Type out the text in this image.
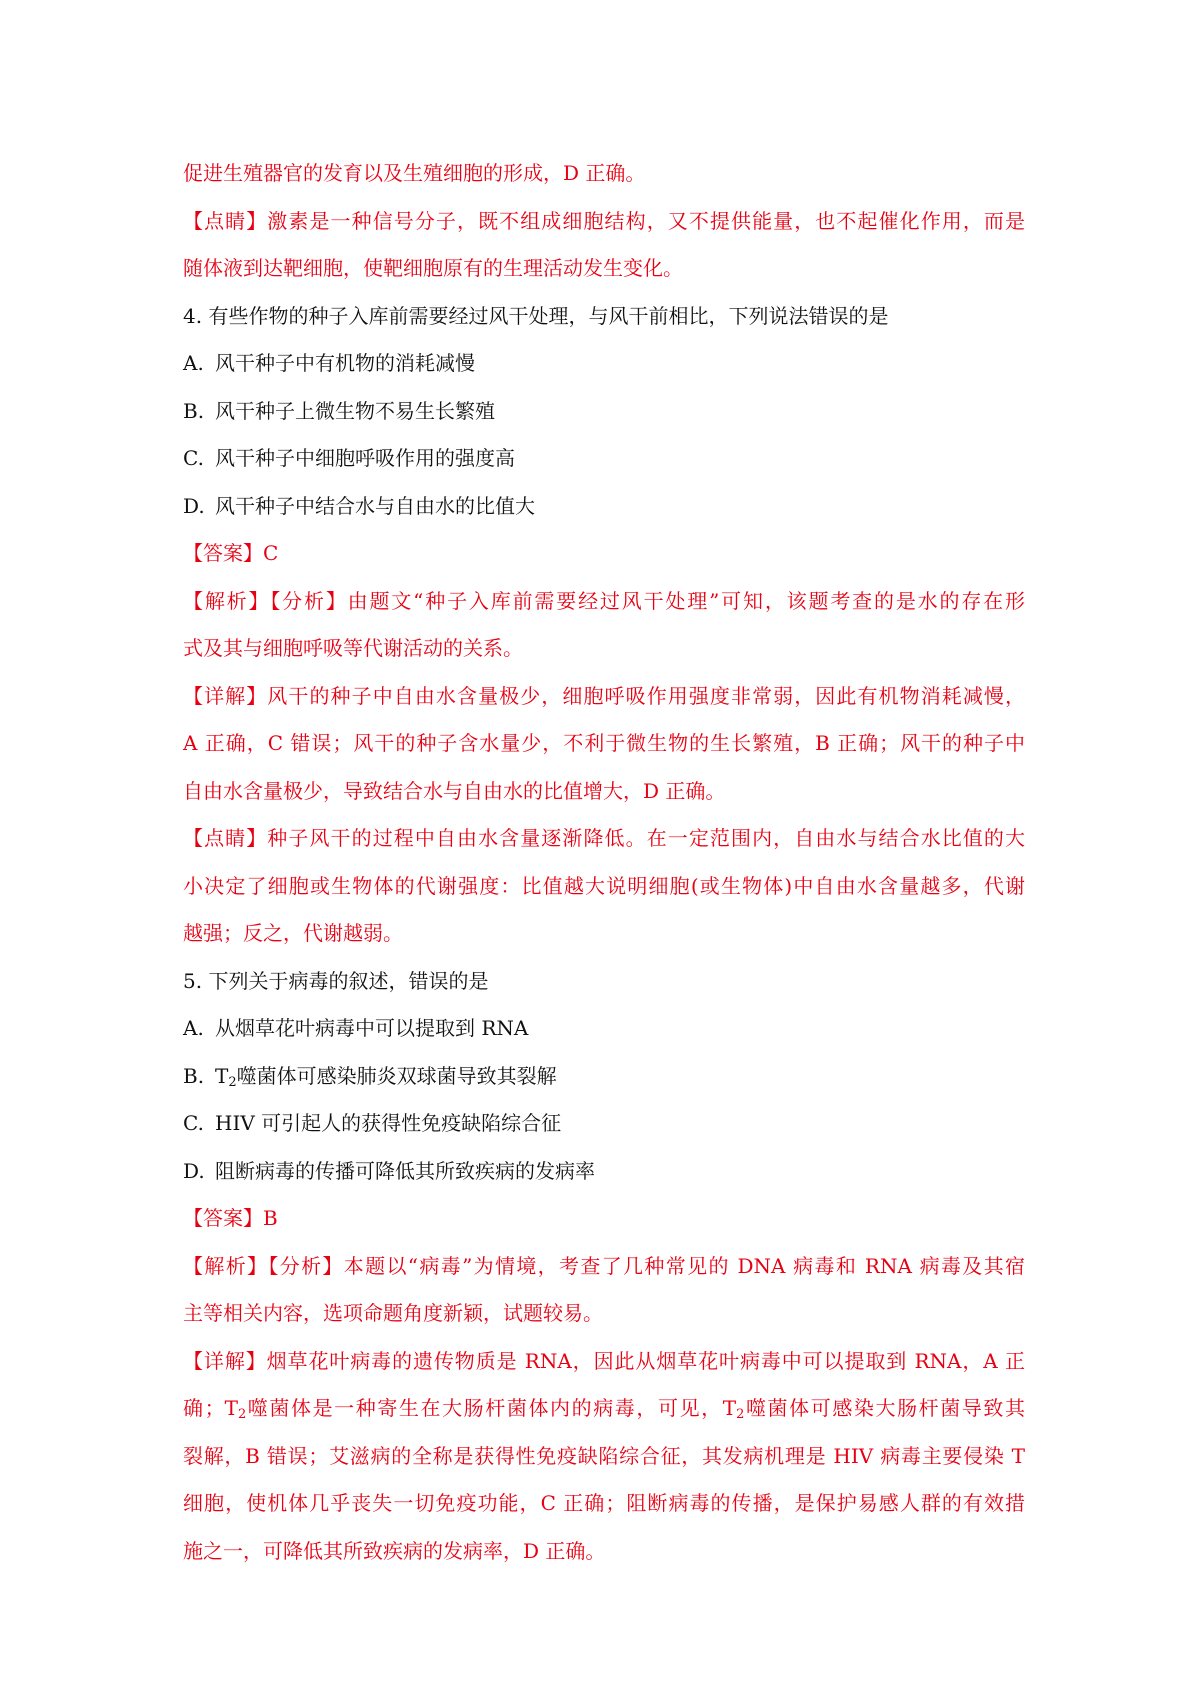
促进生殖器官的发育以及生殖细胞的形成，D 正确。
【点睛】激素是一种信号分子，既不组成细胞结构，又不提供能量，也不起催化作用，而是
随体液到达靶细胞，使靶细胞原有的生理活动发生变化。
4. 有些作物的种子入库前需要经过风干处理，与风干前相比，下列说法错误的是
A. 风干种子中有机物的消耗减慢
B. 风干种子上微生物不易生长繁殖
C. 风干种子中细胞呼吸作用的强度高
D. 风干种子中结合水与自由水的比值大
【答案】C
【解析】【分析】由题文“种子入库前需要经过风干处理”可知，该题考查的是水的存在形
式及其与细胞呼吸等代谢活动的关系。
【详解】风干的种子中自由水含量极少，细胞呼吸作用强度非常弱，因此有机物消耗减慢，
A 正确，C 错误；风干的种子含水量少，不利于微生物的生长繁殖，B 正确；风干的种子中
自由水含量极少，导致结合水与自由水的比值增大，D 正确。
【点睛】种子风干的过程中自由水含量逐渐降低。在一定范围内，自由水与结合水比值的大
小决定了细胞或生物体的代谢强度：比值越大说明细胞(或生物体)中自由水含量越多，代谢
越强；反之，代谢越弱。
5. 下列关于病毒的叙述，错误的是
A. 从烟草花叶病毒中可以提取到 RNA
B. $T_2$噬菌体可感染肺炎双球菌导致其裂解
C. HIV 可引起人的获得性免疫缺陷综合征
D. 阻断病毒的传播可降低其所致疾病的发病率
【答案】B
【解析】【分析】本题以“病毒”为情境，考查了几种常见的 DNA 病毒和 RNA 病毒及其宿
主等相关内容，选项命题角度新颖，试题较易。
【详解】烟草花叶病毒的遗传物质是 RNA，因此从烟草花叶病毒中可以提取到 RNA，A 正
确；$T_2$噬菌体是一种寄生在大肠杆菌体内的病毒，可见，$T_2$噬菌体可感染大肠杆菌导致其
裂解，B 错误；艾滋病的全称是获得性免疫缺陷综合征，其发病机理是 HIV 病毒主要侵染 T
细胞，使机体几乎丧失一切免疫功能，C 正确；阻断病毒的传播，是保护易感人群的有效措
施之一，可降低其所致疾病的发病率，D 正确。
